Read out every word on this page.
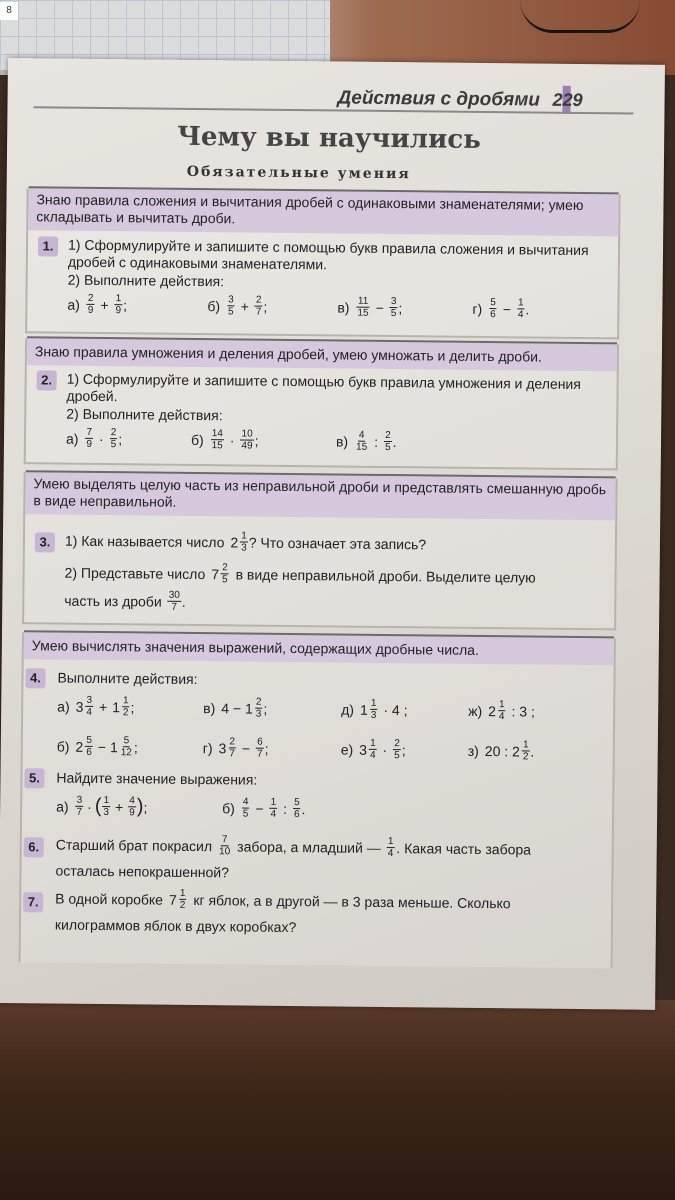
8
Действия с дробями 229
Чему вы научились
Обязательные умения
Знаю правила сложения и вычитания дробей с одинаковыми знаменателями; умею складывать и вычитать дроби.
1.	1) Сформулируйте и запишите с помощью букв правила сложения и вычитания дробей с одинаковыми знаменателями.
2) Выполните действия:
$а) \frac{2}{9} + \frac{1}{9}$ ;	$б) \frac{3}{5} + \frac{2}{7}$ ;	$в) \frac{11}{15} - \frac{3}{5}$ ;	$г) \frac{5}{6} - \frac{1}{4}$ .
Знаю правила умножения и деления дробей, умею умножать и делить дроби.
2.	1) Сформулируйте и запишите с помощью букв правила умножения и деления дробей.
2) Выполните действия:
$а) \frac{7}{9} \cdot \frac{2}{5}$ ;	$б) \frac{14}{15} \cdot \frac{10}{49}$ ;	$в) \frac{4}{15}$ : $\frac{2}{5}$ .
Умею выделять целую часть из неправильной дроби и представлять смешанную дробь в виде неправильной.
3.	1) Как называется число $2 \frac{1}{3}$ ? Что означает эта запись?
2) Представьте число $7 \frac{2}{5}$ в виде неправильной дроби. Выделите целую
часть из дроби $\frac{30}{7}$ .
Умею вычислять значения выражений, содержащих дробные числа.
4.	Выполните действия:
а) $3 \frac{3}{4} + 1 \frac{1}{2}$ ;	в) $4 - 1 \frac{2}{3}$ ;	д) $1 \frac{1}{3} \cdot 4$ ;	ж) $2 \frac{1}{4}$ : 3 ;
б) $2 \frac{5}{6} - 1 \frac{5}{12}$ ;	г) $3 \frac{2}{7} - \frac{6}{7}$ ;	е) $3 \frac{1}{4} \cdot \frac{2}{5}$ ;	з) 20 : $2 \frac{1}{2}$ .
5.	Найдите значение выражения:
$а) \frac{3}{7}$ · ( $\frac{1}{3} + \frac{4}{9}$ ) ;	$б) \frac{4}{5} - \frac{1}{4}$ : $\frac{5}{6}$ .
6.	Старший брат покрасил $\frac{7}{10}$ забора, а младший — $\frac{1}{4}$ . Какая часть забора
осталась непокрашенной?
7.	В одной коробке $7 \frac{1}{2}$ кг яблок, а в другой — в 3 раза меньше. Сколько
килограммов яблок в двух коробках?
